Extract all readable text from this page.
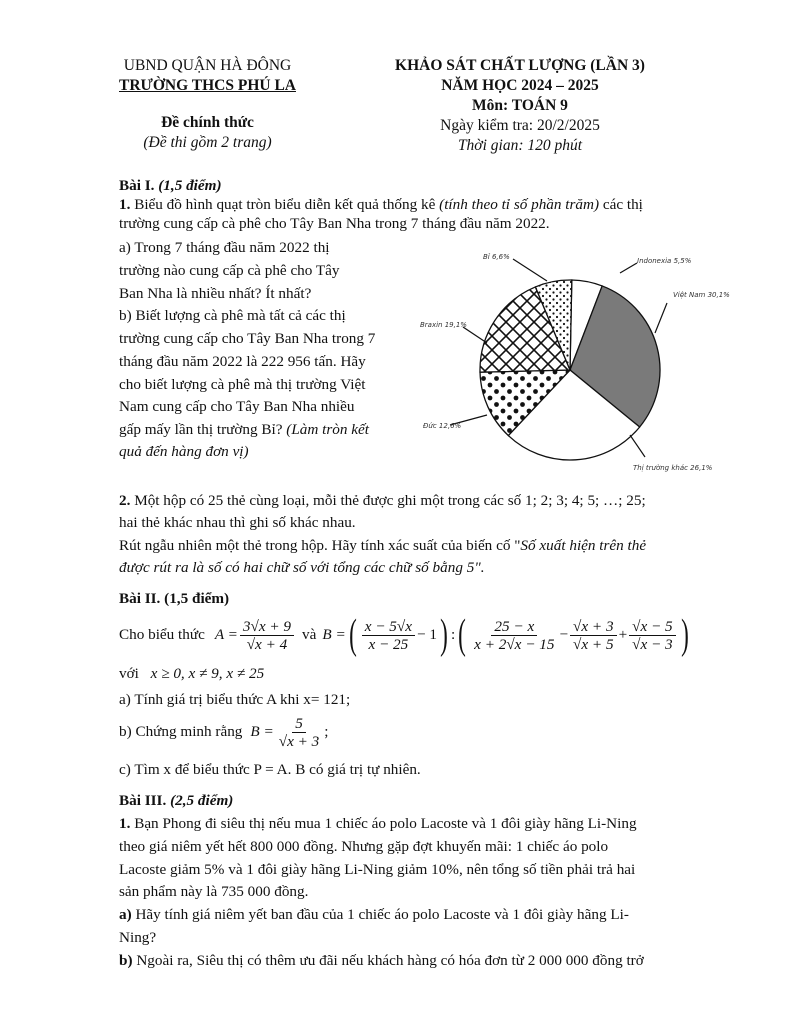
UBND QUẬN HÀ ĐÔNG
TRƯỜNG THCS PHÚ LA
Đề chính thức
(Đề thi gồm 2 trang)
KHẢO SÁT CHẤT LƯỢNG (LẦN 3)
NĂM HỌC 2024 – 2025
Môn: TOÁN 9
Ngày kiểm tra: 20/2/2025
Thời gian: 120 phút
Bài I. (1,5 điểm)
1. Biểu đồ hình quạt tròn biểu diễn kết quả thống kê (tính theo tỉ số phần trăm) các thị
trường cung cấp cà phê cho Tây Ban Nha trong 7 tháng đầu năm 2022.
a) Trong 7 tháng đầu năm 2022 thị
trường nào cung cấp cà phê cho Tây
Ban Nha là nhiều nhất? Ít nhất?
b) Biết lượng cà phê mà tất cả các thị
trường cung cấp cho Tây Ban Nha trong 7
tháng đầu năm 2022 là 222 956 tấn. Hãy
cho biết lượng cà phê mà thị trường Việt
Nam cung cấp cho Tây Ban Nha nhiều
gấp mấy lần thị trường Bỉ? (Làm tròn kết
quả đến hàng đơn vị)
Indonexia 5,5%
Việt Nam 30,1%
Thị trường khác 26,1%
Đức 12,6%
Braxin 19,1%
Bỉ 6,6%
2. Một hộp có 25 thẻ cùng loại, mỗi thẻ được ghi một trong các số 1; 2; 3; 4; 5; …; 25;
hai thẻ khác nhau thì ghi số khác nhau.
Rút ngẫu nhiên một thẻ trong hộp. Hãy tính xác suất của biến cố "Số xuất hiện trên thẻ
được rút ra là số có hai chữ số với tổng các chữ số bằng 5".
Bài II. (1,5 điểm)
Cho biểu thức $A = \frac{3√x + 9}{√x + 4}$ và B = ( $\frac{x - 5√x}{x - 25} - 1$ ) : ( $\frac{25 - x}{x + 2√x - 15} - \frac{√x + 3}{√x + 5} + \frac{√x - 5}{√x - 3}$ )
với x ≥ 0, x ≠ 9, x ≠ 25
a) Tính giá trị biểu thức A khi x= 121;
b) Chứng minh rằng $B = \frac{5}{√x + 3}$ ;
c) Tìm x để biểu thức P = A. B có giá trị tự nhiên.
Bài III. (2,5 điểm)
1. Bạn Phong đi siêu thị nếu mua 1 chiếc áo polo Lacoste và 1 đôi giày hãng Li-Ning
theo giá niêm yết hết 800 000 đồng. Nhưng gặp đợt khuyến mãi: 1 chiếc áo polo
Lacoste giảm 5% và 1 đôi giày hãng Li-Ning giảm 10%, nên tổng số tiền phải trả hai
sản phẩm này là 735 000 đồng.
a) Hãy tính giá niêm yết ban đầu của 1 chiếc áo polo Lacoste và 1 đôi giày hãng Li-
Ning?
b) Ngoài ra, Siêu thị có thêm ưu đãi nếu khách hàng có hóa đơn từ 2 000 000 đồng trở
